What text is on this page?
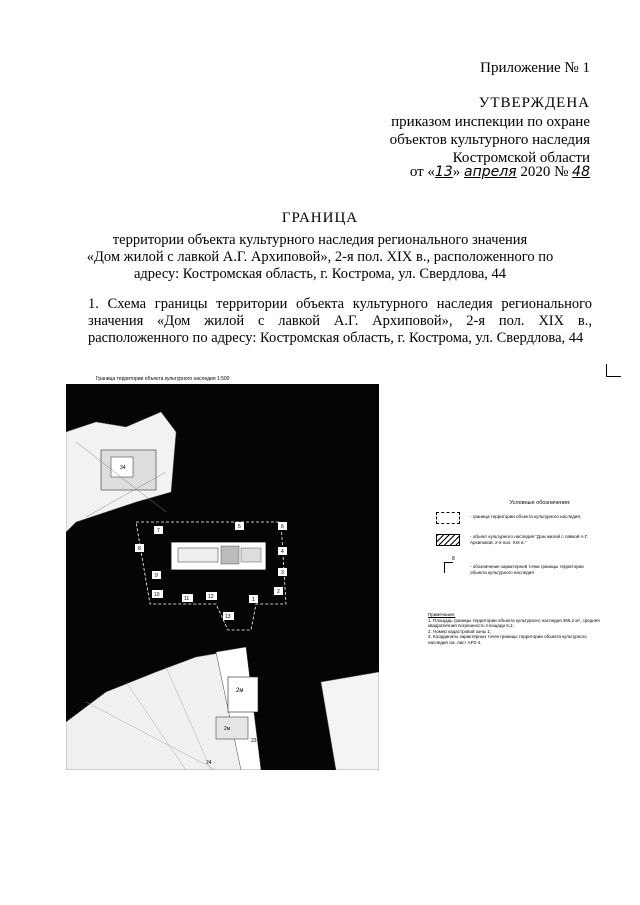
Приложение № 1
УТВЕРЖДЕНА
приказом инспекции по охране
объектов культурного наследия
Костромской области
от «13» апреля 2020 № 48
ГРАНИЦА
территории объекта культурного наследия регионального значения
«Дом жилой с лавкой А.Г. Архиповой», 2-я пол. XIX в., расположенного по
адресу: Костромская область, г. Кострома, ул. Свердлова, 44
1. Схема границы территории объекта культурного наследия регионального значения «Дом жилой с лавкой А.Г. Архиповой», 2-я пол. XIX в., расположенного по адресу: Костромская область, г. Кострома, ул. Свердлова, 44
Граница территории объекта культурного наследия 1:500
34
1
2
3
4
5	6
7
8
9
10
11	12
13
2м
22
2м
23
24
Условные обозначения:
- граница территории объекта культурного наследия;
- объект культурного наследия "Дом жилой с лавкой А.Г. Архиповой, 2-я пол. XIX в."
8
- обозначение характерной точки границы территории объекта культурного наследия
Примечание:
1. Площадь границы территории объекта культурного наследия 366,2 м², средняя квадратичная погрешность площади 6,1;
2. Номер кадастровой зоны 1;
3. Координаты характерных точек границы территории объекта культурного наследия см. лист АР2-4.
